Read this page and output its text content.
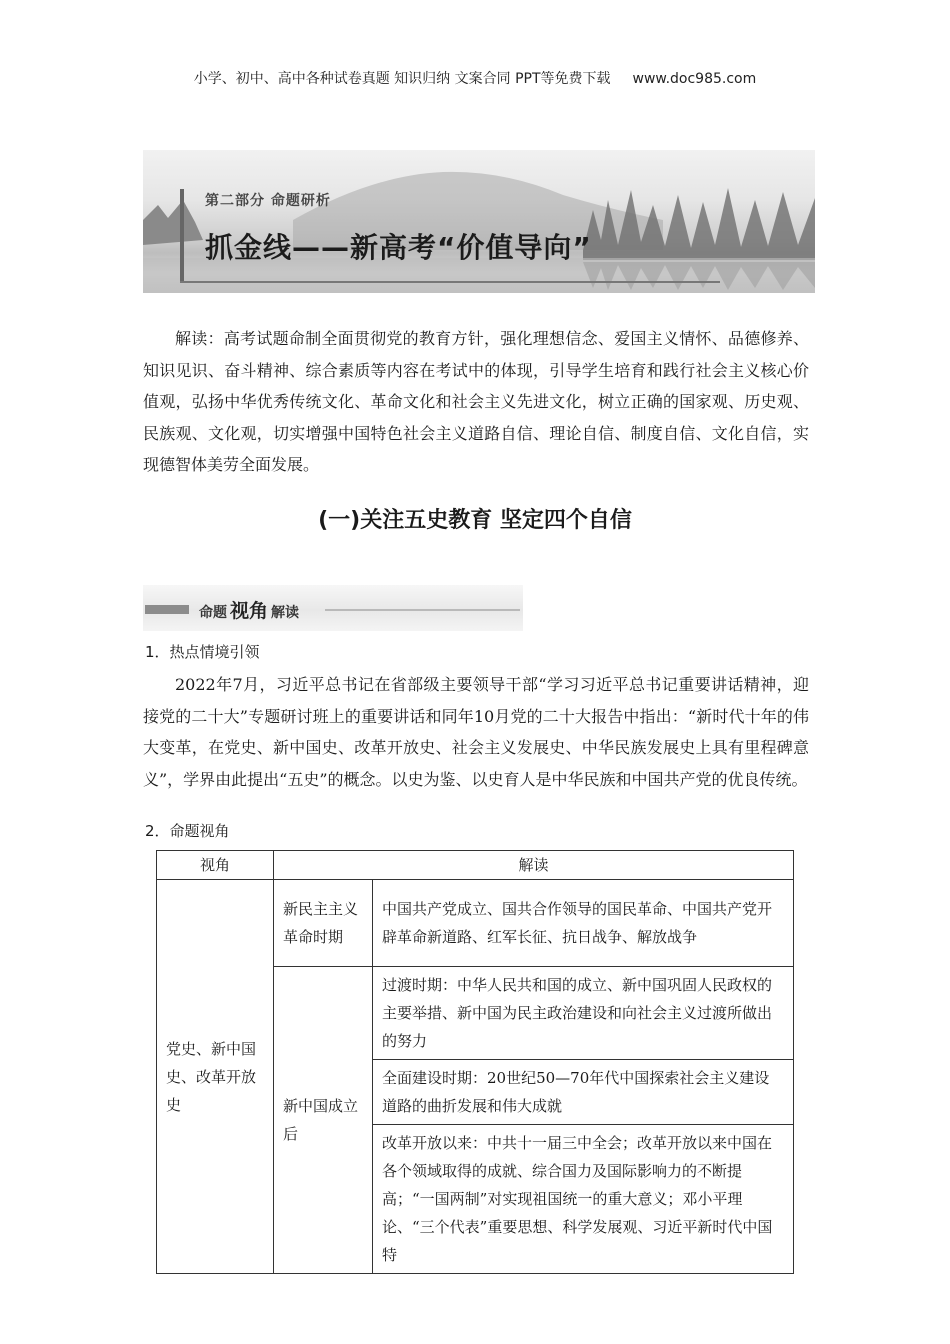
小学、初中、高中各种试卷真题 知识归纳 文案合同 PPT等免费下载 www.doc985.com
第二部分 命题研析
抓金线——新高考“价值导向”
解读：高考试题命制全面贯彻党的教育方针，强化理想信念、爱国主义情怀、品德修养、知识见识、奋斗精神、综合素质等内容在考试中的体现，引导学生培育和践行社会主义核心价值观，弘扬中华优秀传统文化、革命文化和社会主义先进文化，树立正确的国家观、历史观、民族观、文化观，切实增强中国特色社会主义道路自信、理论自信、制度自信、文化自信，实现德智体美劳全面发展。
(一)关注五史教育 坚定四个自信
命题 视角 解读
1．热点情境引领
2022年7月，习近平总书记在省部级主要领导干部“学习习近平总书记重要讲话精神，迎接党的二十大”专题研讨班上的重要讲话和同年10月党的二十大报告中指出：“新时代十年的伟大变革，在党史、新中国史、改革开放史、社会主义发展史、中华民族发展史上具有里程碑意义”，学界由此提出“五史”的概念。以史为鉴、以史育人是中华民族和中国共产党的优良传统。
2．命题视角
视角	解读	
党史、新中国史、改革开放史	新民主主义革命时期	中国共产党成立、国共合作领导的国民革命、中国共产党开辟革命新道路、红军长征、抗日战争、解放战争
	新中国成立后	过渡时期：中华人民共和国的成立、新中国巩固人民政权的主要举措、新中国为民主政治建设和向社会主义过渡所做出的努力
		全面建设时期：20世纪50—70年代中国探索社会主义建设道路的曲折发展和伟大成就
		改革开放以来：中共十一届三中全会；改革开放以来中国在各个领域取得的成就、综合国力及国际影响力的不断提高；“一国两制”对实现祖国统一的重大意义；邓小平理论、“三个代表”重要思想、科学发展观、习近平新时代中国特
